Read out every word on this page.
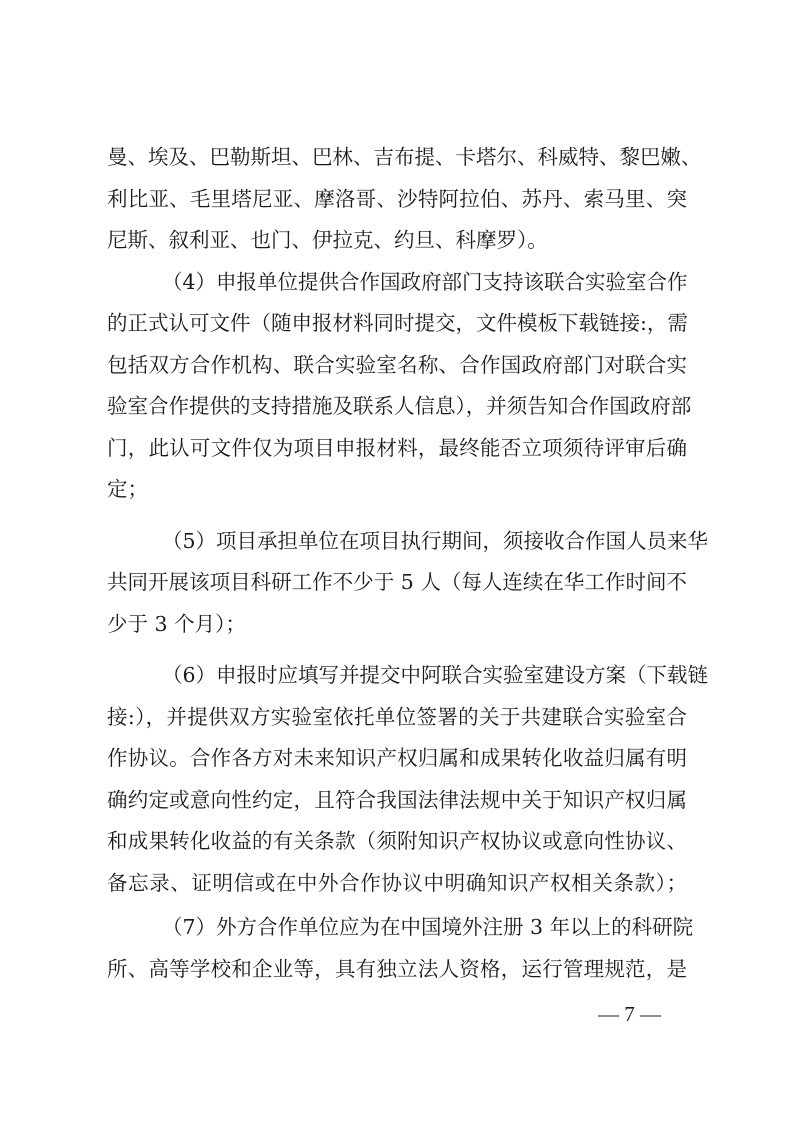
曼、埃及、巴勒斯坦、巴林、吉布提、卡塔尔、科威特、黎巴嫩、
利比亚、毛里塔尼亚、摩洛哥、沙特阿拉伯、苏丹、索马里、突
尼斯、叙利亚、也门、伊拉克、约旦、科摩罗）。
（4）申报单位提供合作国政府部门支持该联合实验室合作
的正式认可文件（随申报材料同时提交，文件模板下载链接:，需
包括双方合作机构、联合实验室名称、合作国政府部门对联合实
验室合作提供的支持措施及联系人信息），并须告知合作国政府部
门，此认可文件仅为项目申报材料，最终能否立项须待评审后确
定；
（5）项目承担单位在项目执行期间，须接收合作国人员来华
共同开展该项目科研工作不少于 5 人（每人连续在华工作时间不
少于 3 个月）；
（6）申报时应填写并提交中阿联合实验室建设方案（下载链
接:），并提供双方实验室依托单位签署的关于共建联合实验室合
作协议。合作各方对未来知识产权归属和成果转化收益归属有明
确约定或意向性约定，且符合我国法律法规中关于知识产权归属
和成果转化收益的有关条款（须附知识产权协议或意向性协议、
备忘录、证明信或在中外合作协议中明确知识产权相关条款）；
（7）外方合作单位应为在中国境外注册 3 年以上的科研院
所、高等学校和企业等，具有独立法人资格，运行管理规范，是
— 7 —
